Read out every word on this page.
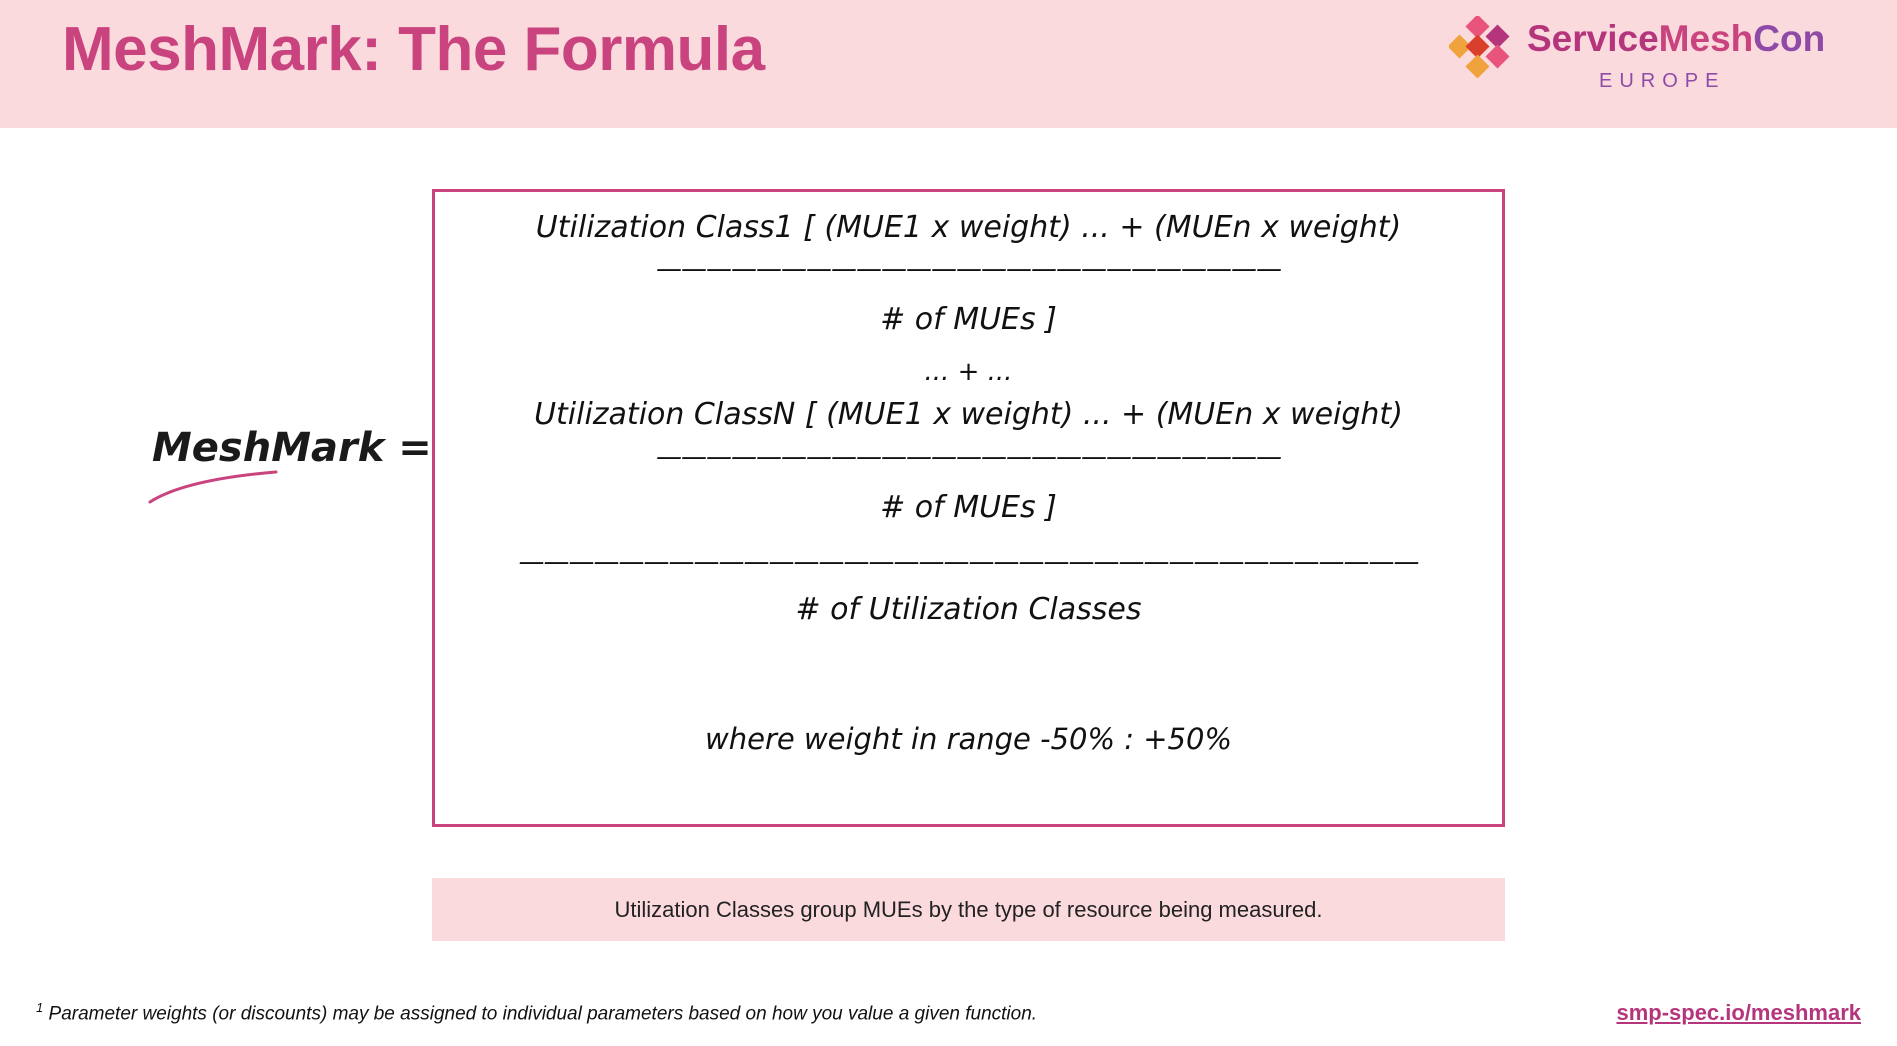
MeshMark: The Formula	ServiceMeshCon
EUROPE
MeshMark =
Utilization Class1 [ (MUE1 x weight) ... + (MUEn x weight)
—————————————————————————
# of MUEs ]
... + ...
Utilization ClassN [ (MUE1 x weight) ... + (MUEn x weight)
—————————————————————————
# of MUEs ]
————————————————————————————————————
# of Utilization Classes
where weight in range -50% : +50%
Utilization Classes group MUEs by the type of resource being measured.
$^1$ Parameter weights (or discounts) may be assigned to individual parameters based on how you value a given function.	smp-spec.io/meshmark
